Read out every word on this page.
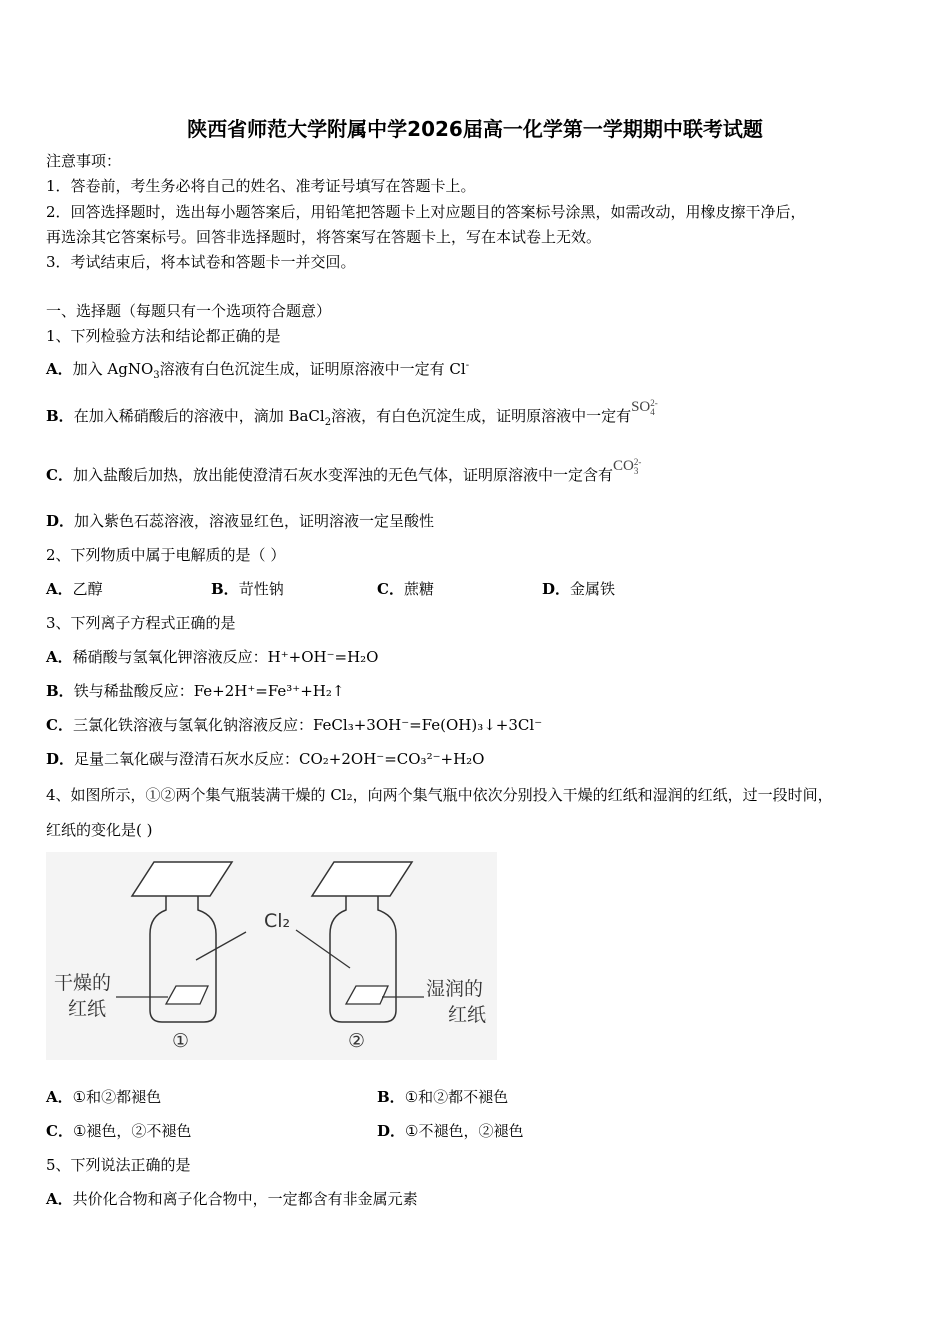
陕西省师范大学附属中学2026届高一化学第一学期期中联考试题
注意事项：
1．答卷前，考生务必将自己的姓名、准考证号填写在答题卡上。
2．回答选择题时，选出每小题答案后，用铅笔把答题卡上对应题目的答案标号涂黑，如需改动，用橡皮擦干净后，
再选涂其它答案标号。回答非选择题时，将答案写在答题卡上，写在本试卷上无效。
3．考试结束后，将本试卷和答题卡一并交回。
一、选择题（每题只有一个选项符合题意）
1、下列检验方法和结论都正确的是
A．加入 AgNO$_3$溶液有白色沉淀生成，证明原溶液中一定有 Cl-
B．在加入稀硝酸后的溶液中，滴加 BaCl$_2$溶液，有白色沉淀生成，证明原溶液中一定有SO 2-
4
C．加入盐酸后加热，放出能使澄清石灰水变浑浊的无色气体，证明原溶液中一定含有CO 2-
3
D．加入紫色石蕊溶液，溶液显红色，证明溶液一定呈酸性
2、下列物质中属于电解质的是（ ）
A．乙醇	B．苛性钠	C．蔗糖	D．金属铁
3、下列离子方程式正确的是
A．稀硝酸与氢氧化钾溶液反应：H⁺+OH⁻=H₂O
B．铁与稀盐酸反应：Fe+2H⁺=Fe³⁺+H₂↑
C．三氯化铁溶液与氢氧化钠溶液反应：FeCl₃+3OH⁻=Fe(OH)₃↓+3Cl⁻
D．足量二氧化碳与澄清石灰水反应：CO₂+2OH⁻=CO₃²⁻+H₂O
4、如图所示，①②两个集气瓶装满干燥的 Cl₂，向两个集气瓶中依次分别投入干燥的红纸和湿润的红纸，过一段时间，
红纸的变化是( )
Cl₂
干燥的
红纸
湿润的
红纸
①	②
A．①和②都褪色	B．①和②都不褪色
C．①褪色，②不褪色	D．①不褪色，②褪色
5、下列说法正确的是
A．共价化合物和离子化合物中，一定都含有非金属元素
